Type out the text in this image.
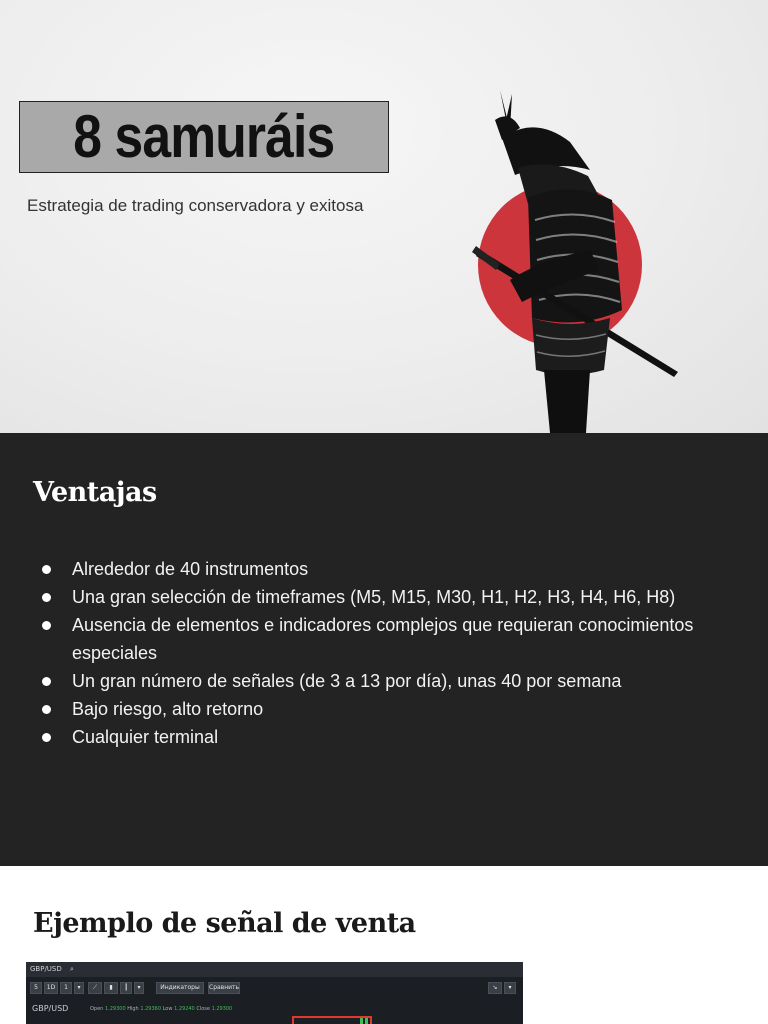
8 samuráis
Estrategia de trading conservadora y exitosa
Ventajas
Alrededor de 40 instrumentos
Una gran selección de timeframes (M5, M15, M30, H1, H2, H3, H4, H6, H8)
Ausencia de elementos e indicadores complejos que requieran conocimientos especiales
Un gran número de señales (de 3 a 13 por día), unas 40 por semana
Bajo riesgo, alto retorno
Cualquier terminal
Ejemplo de señal de venta
GBP/USD ⌕
5	1D	1	▾	⟋	▮	┃	▾	Индикаторы	Сравнить	↘	▾
GBP/USD	Open 1.29300 High 1.29360 Low 1.29240 Close 1.29300
